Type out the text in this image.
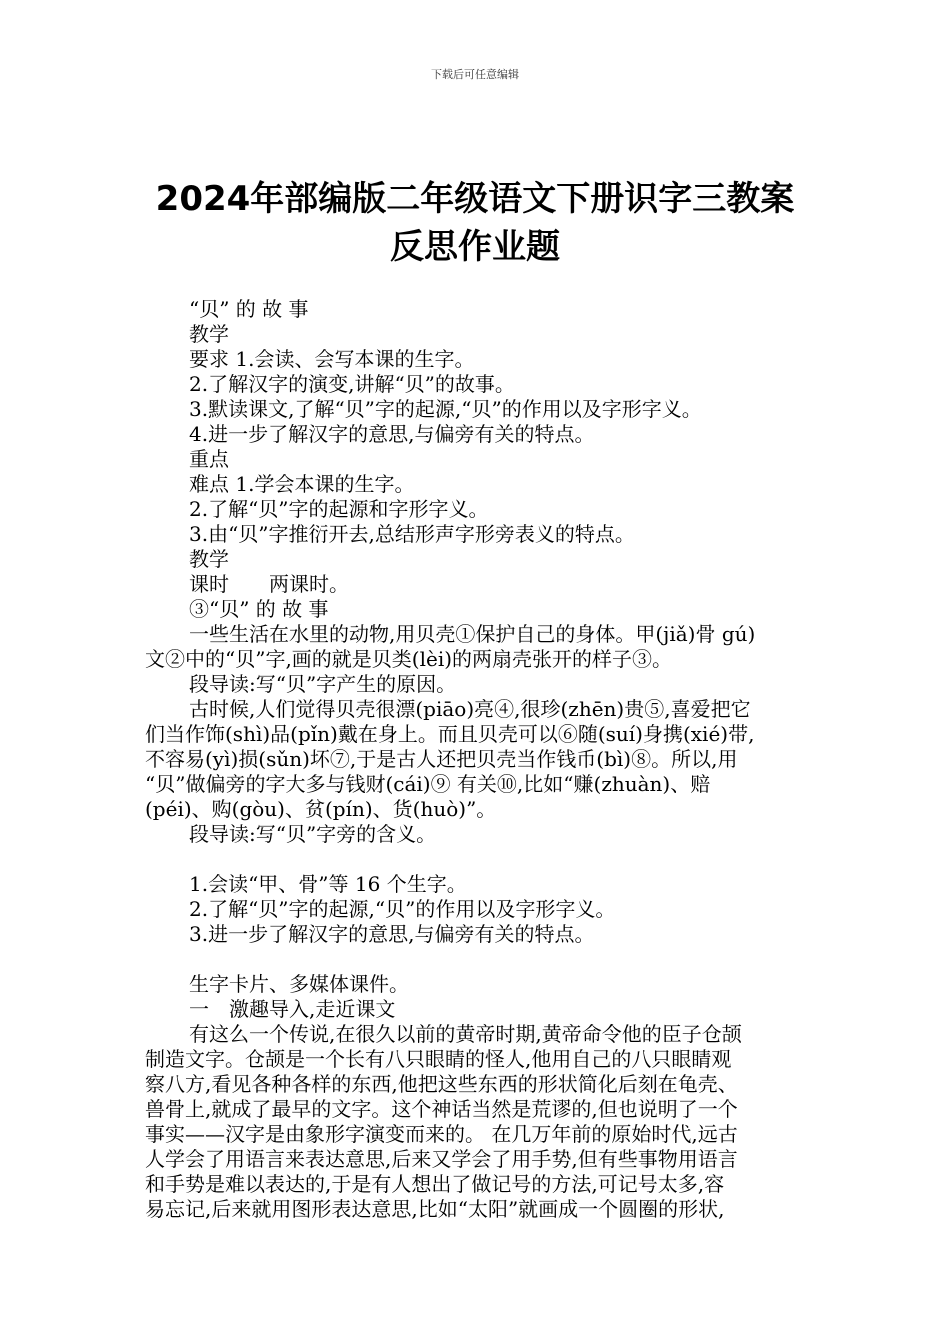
下载后可任意编辑
2024年部编版二年级语文下册识字三教案
反思作业题
“贝” 的 故 事
教学
要求 1.会读、会写本课的生字。
2.了解汉字的演变,讲解“贝”的故事。
3.默读课文,了解“贝”字的起源,“贝”的作用以及字形字义。
4.进一步了解汉字的意思,与偏旁有关的特点。
重点
难点 1.学会本课的生字。
2.了解“贝”字的起源和字形字义。
3.由“贝”字推衍开去,总结形声字形旁表义的特点。
教学
课时　　两课时。
③“贝” 的 故 事
一些生活在水里的动物,用贝壳①保护自己的身体。甲(jiǎ)骨 gú)
文②中的“贝”字,画的就是贝类(lèi)的两扇壳张开的样子③。
段导读:写“贝”字产生的原因。
古时候,人们觉得贝壳很漂(piāo)亮④,很珍(zhēn)贵⑤,喜爱把它
们当作饰(shì)品(pǐn)戴在身上。而且贝壳可以⑥随(suí)身携(xié)带,
不容易(yì)损(sǔn)坏⑦,于是古人还把贝壳当作钱币(bì)⑧。所以,用
“贝”做偏旁的字大多与钱财(cái)⑨ 有关⑩,比如“赚(zhuàn)、赔
(péi)、购(gòu)、贫(pín)、货(huò)”。
段导读:写“贝”字旁的含义。
1.会读“甲、骨”等 16 个生字。
2.了解“贝”字的起源,“贝”的作用以及字形字义。
3.进一步了解汉字的意思,与偏旁有关的特点。
生字卡片、多媒体课件。
一　激趣导入,走近课文
有这么一个传说,在很久以前的黄帝时期,黄帝命令他的臣子仓颉
制造文字。仓颉是一个长有八只眼睛的怪人,他用自己的八只眼睛观
察八方,看见各种各样的东西,他把这些东西的形状简化后刻在龟壳、
兽骨上,就成了最早的文字。这个神话当然是荒谬的,但也说明了一个
事实——汉字是由象形字演变而来的。 在几万年前的原始时代,远古
人学会了用语言来表达意思,后来又学会了用手势,但有些事物用语言
和手势是难以表达的,于是有人想出了做记号的方法,可记号太多,容
易忘记,后来就用图形表达意思,比如“太阳”就画成一个圆圈的形状,
